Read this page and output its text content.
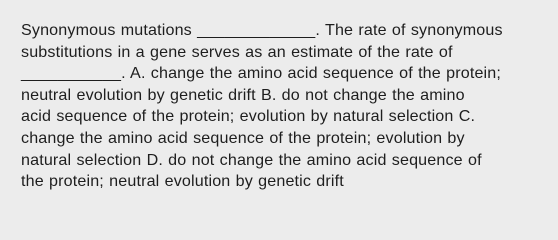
Synonymous mutations _____________. The rate of synonymous
substitutions in a gene serves as an estimate of the rate of
___________. A. change the amino acid sequence of the protein;
neutral evolution by genetic drift B. do not change the amino
acid sequence of the protein; evolution by natural selection C.
change the amino acid sequence of the protein; evolution by
natural selection D. do not change the amino acid sequence of
the protein; neutral evolution by genetic drift
